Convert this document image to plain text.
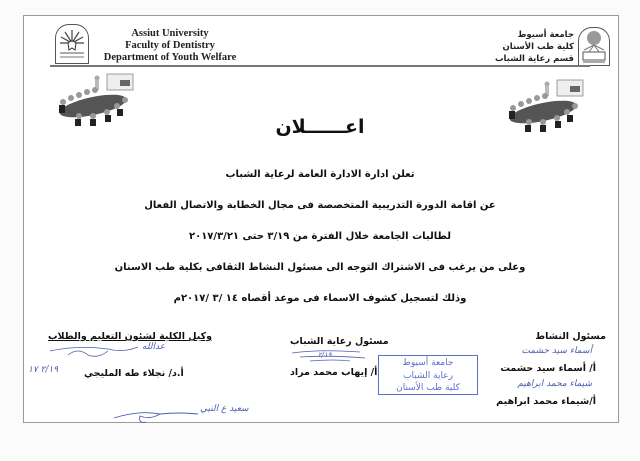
Assiut University
Faculty of Dentistry
Department of Youth Welfare
جامعة أسيوط
كلية طب الأسنان
قسم رعاية الشباب
اعــــــلان
تعلن ادارة الادارة العامة لرعاية الشباب
عن اقامة الدورة التدريبية المتخصصة فى مجال الخطابة والاتصال الفعال
لطالبات الجامعة خلال الفترة من ٣/١٩ حتى ٢٠١٧/٣/٢١
وعلى من يرغب فى الاشتراك التوجه الى مسئول النشاط الثقافى بكلية طب الاسنان
وذلك لتسجيل كشوف الاسماء فى موعد أقصاه ١٤ /٣ /٢٠١٧م
مسئول النشاط
أسماء سيد حشمت
أ/ أسماء سيد حشمت
شيماء محمد ابراهيم
أ/شيماء محمد ابراهيم
جامعة أسيوط
رعاية الشباب
كلية طب الأسنان
مسئول رعاية الشباب
٢/١٩
أ/ إيهاب محمد مراد
وكيل الكلية لشئون التعليم والطلاب
عدالله
٢/١٩ ١٧	أ.د/ نجلاء طه المليجي
سعيد ع النبي
